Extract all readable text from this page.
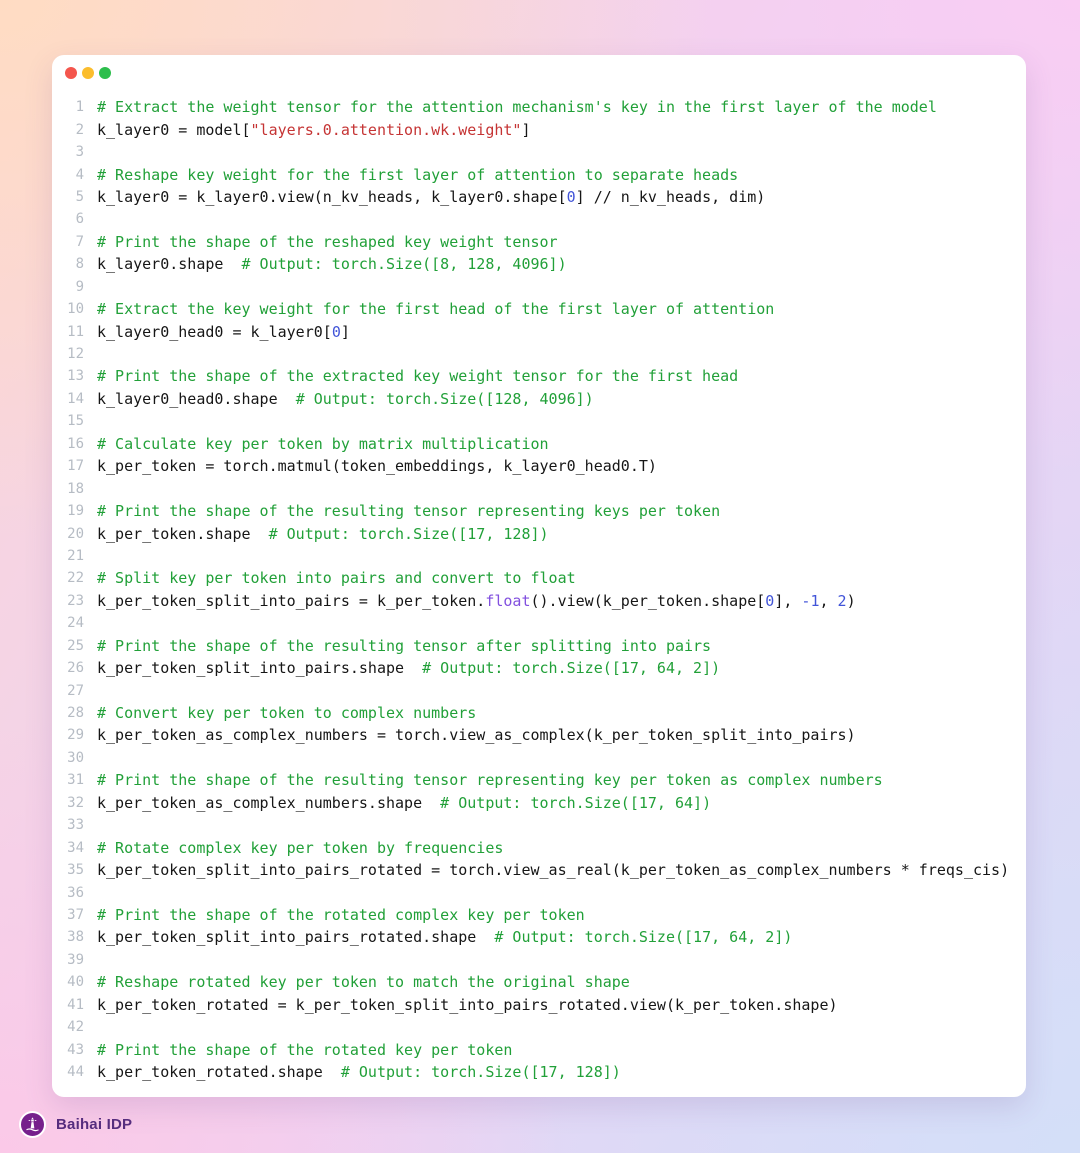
1 # Extract the weight tensor for the attention mechanism's key in the first layer of the model
2 k_layer0 = model["layers.0.attention.wk.weight"]
3
4 # Reshape key weight for the first layer of attention to separate heads
5 k_layer0 = k_layer0.view(n_kv_heads, k_layer0.shape[0] // n_kv_heads, dim)
6
7 # Print the shape of the reshaped key weight tensor
8 k_layer0.shape  # Output: torch.Size([8, 128, 4096])
9
10 # Extract the key weight for the first head of the first layer of attention
11 k_layer0_head0 = k_layer0[0]
12
13 # Print the shape of the extracted key weight tensor for the first head
14 k_layer0_head0.shape  # Output: torch.Size([128, 4096])
15
16 # Calculate key per token by matrix multiplication
17 k_per_token = torch.matmul(token_embeddings, k_layer0_head0.T)
18
19 # Print the shape of the resulting tensor representing keys per token
20 k_per_token.shape  # Output: torch.Size([17, 128])
21
22 # Split key per token into pairs and convert to float
23 k_per_token_split_into_pairs = k_per_token.float().view(k_per_token.shape[0], -1, 2)
24
25 # Print the shape of the resulting tensor after splitting into pairs
26 k_per_token_split_into_pairs.shape  # Output: torch.Size([17, 64, 2])
27
28 # Convert key per token to complex numbers
29 k_per_token_as_complex_numbers = torch.view_as_complex(k_per_token_split_into_pairs)
30
31 # Print the shape of the resulting tensor representing key per token as complex numbers
32 k_per_token_as_complex_numbers.shape  # Output: torch.Size([17, 64])
33
34 # Rotate complex key per token by frequencies
35 k_per_token_split_into_pairs_rotated = torch.view_as_real(k_per_token_as_complex_numbers * freqs_cis)
36
37 # Print the shape of the rotated complex key per token
38 k_per_token_split_into_pairs_rotated.shape  # Output: torch.Size([17, 64, 2])
39
40 # Reshape rotated key per token to match the original shape
41 k_per_token_rotated = k_per_token_split_into_pairs_rotated.view(k_per_token.shape)
42
43 # Print the shape of the rotated key per token
44 k_per_token_rotated.shape  # Output: torch.Size([17, 128])
Baihai IDP
